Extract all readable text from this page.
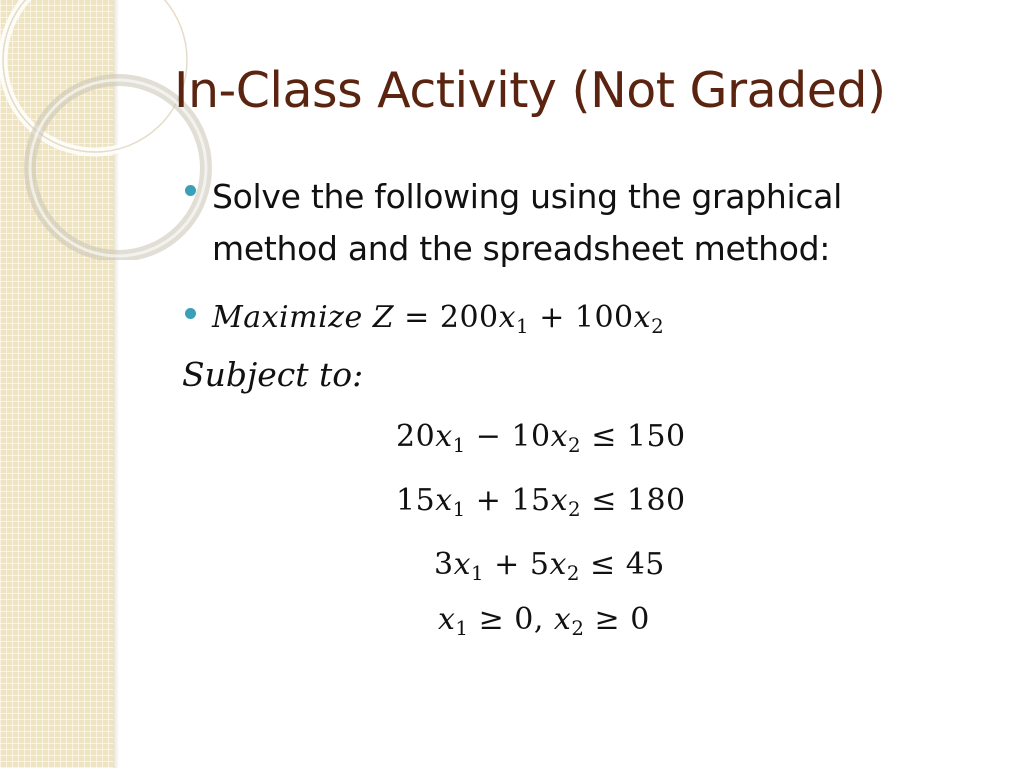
In-Class Activity (Not Graded)
Solve the following using the graphical method and the spreadsheet method:
Maximize $Z = 200x_1 + 100x_2$
Subject to:
$20x_1 - 10x_2 \le 150$
$15x_1 + 15x_2 \le 180$
$3x_1 + 5x_2 \le 45$
$x_1 \ge 0$, $x_2 \ge 0$
